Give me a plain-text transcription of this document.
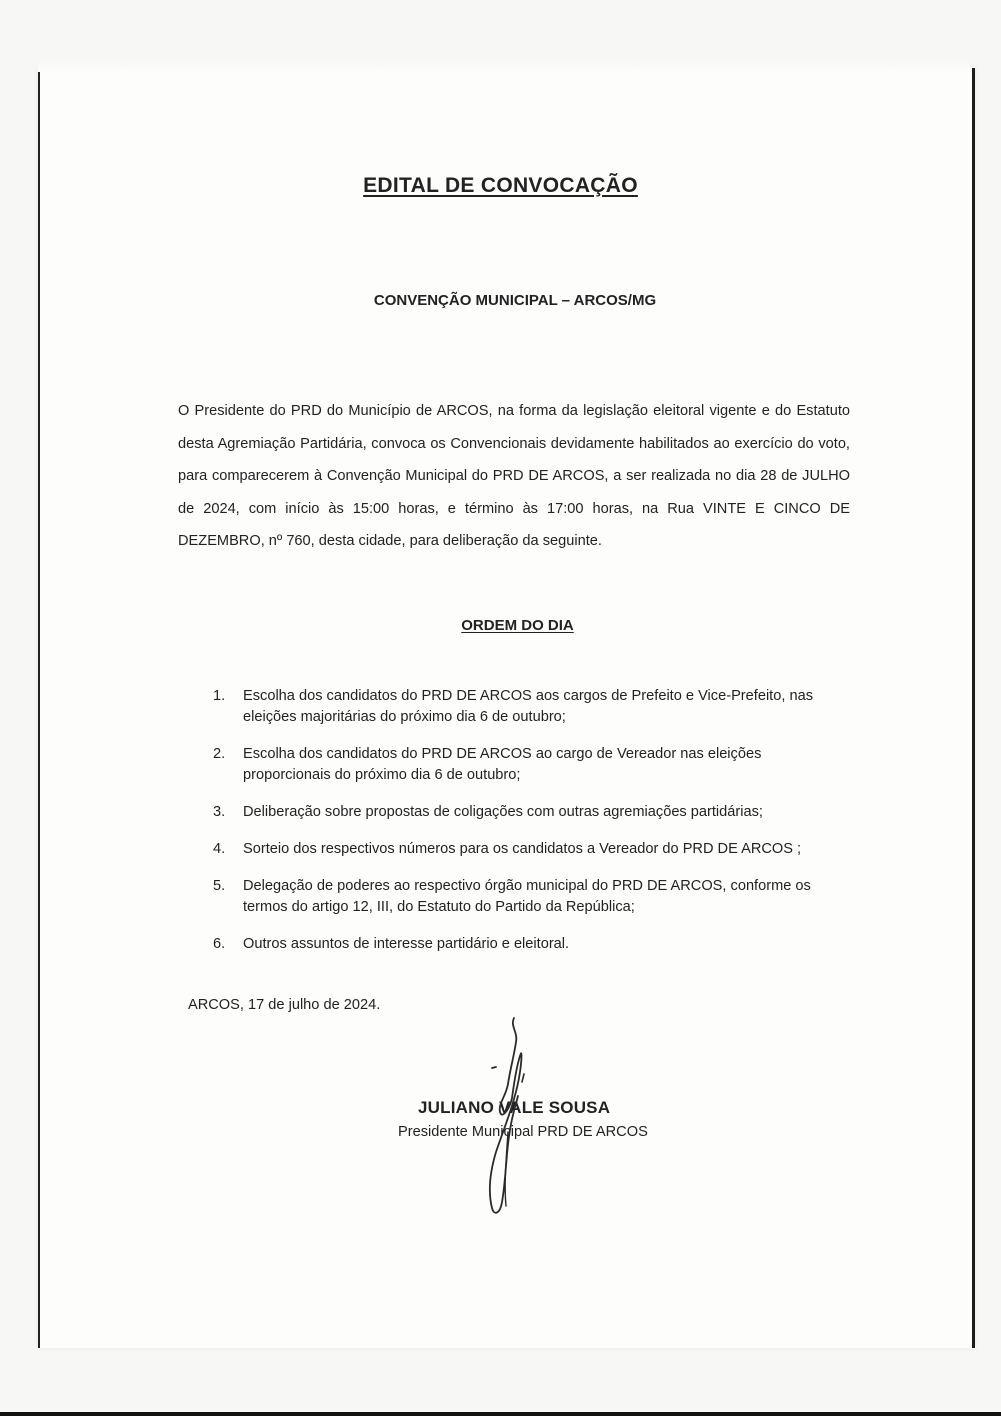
EDITAL DE CONVOCAÇÃO
CONVENÇÃO MUNICIPAL – ARCOS/MG

O Presidente do PRD do Município de ARCOS, na forma da legislação eleitoral vigente e do Estatuto desta Agremiação Partidária, convoca os Convencionais devidamente habilitados ao exercício do voto, para comparecerem à Convenção Municipal do PRD DE ARCOS, a ser realizada no dia 28 de JULHO de 2024, com início às 15:00 horas, e término às 17:00 horas, na Rua VINTE E CINCO DE DEZEMBRO, nº 760, desta cidade, para deliberação da seguinte.

ORDEM DO DIA
1. Escolha dos candidatos do PRD DE ARCOS aos cargos de Prefeito e Vice-Prefeito, nas eleições majoritárias do próximo dia 6 de outubro;
2. Escolha dos candidatos do PRD DE ARCOS ao cargo de Vereador nas eleições proporcionais do próximo dia 6 de outubro;
3. Deliberação sobre propostas de coligações com outras agremiações partidárias;
4. Sorteio dos respectivos números para os candidatos a Vereador do PRD DE ARCOS ;
5. Delegação de poderes ao respectivo órgão municipal do PRD DE ARCOS, conforme os termos do artigo 12, III, do Estatuto do Partido da República;
6. Outros assuntos de interesse partidário e eleitoral.
ARCOS, 17 de julho de 2024.
JULIANO VALE SOUSA
Presidente Municipal PRD DE ARCOS
